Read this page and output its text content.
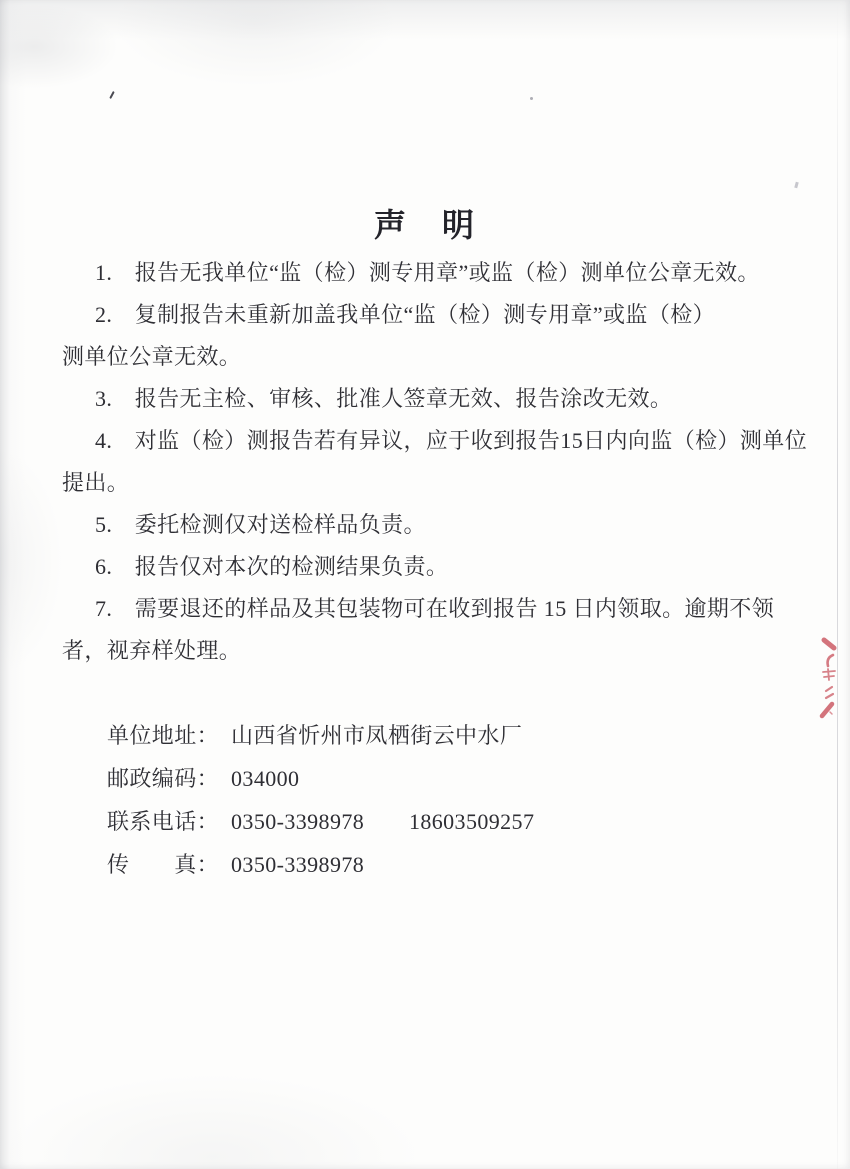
声　明
1.　报告无我单位“监（检）测专用章”或监（检）测单位公章无效。
2.　复制报告未重新加盖我单位“监（检）测专用章”或监（检）
测单位公章无效。
3.　报告无主检、审核、批准人签章无效、报告涂改无效。
4.　对监（检）测报告若有异议，应于收到报告15日内向监（检）测单位
提出。
5.　委托检测仅对送检样品负责。
6.　报告仅对本次的检测结果负责。
7.　需要退还的样品及其包装物可在收到报告 15 日内领取。逾期不领
者，视弃样处理。
单位地址： 山西省忻州市凤栖街云中水厂
邮政编码： 034000
联系电话： 0350-3398978　　18603509257
传　　真： 0350-3398978
